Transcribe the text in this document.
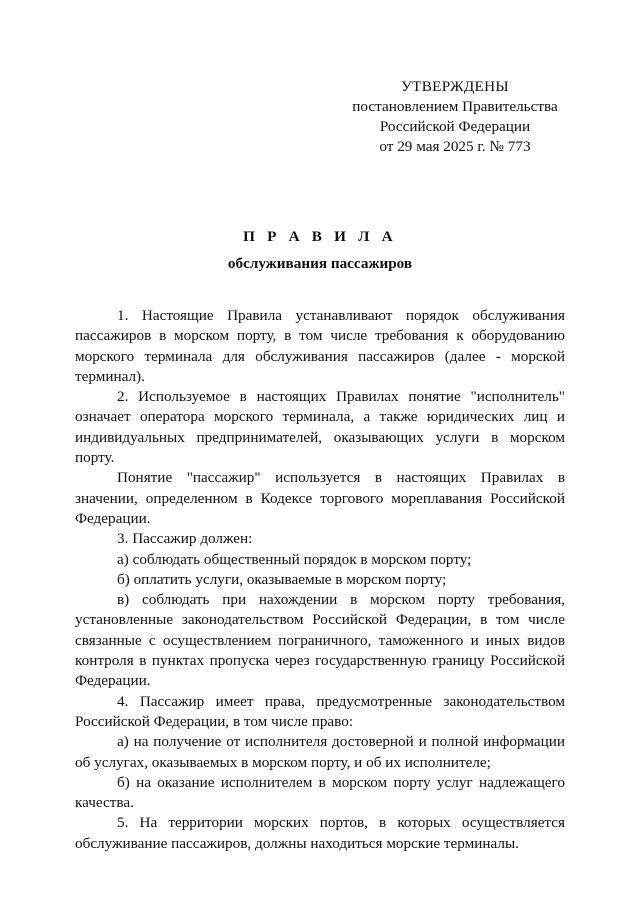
УТВЕРЖДЕНЫ
постановлением Правительства
Российской Федерации
от 29 мая 2025 г. № 773
П Р А В И Л А
обслуживания пассажиров

1. Настоящие Правила устанавливают порядок обслуживания пассажиров в морском порту, в том числе требования к оборудованию морского терминала для обслуживания пассажиров (далее - морской терминал).

2. Используемое в настоящих Правилах понятие "исполнитель" означает оператора морского терминала, а также юридических лиц и индивидуальных предпринимателей, оказывающих услуги в морском порту.

Понятие "пассажир" используется в настоящих Правилах в значении, определенном в Кодексе торгового мореплавания Российской Федерации.

3. Пассажир должен:

а) соблюдать общественный порядок в морском порту;

б) оплатить услуги, оказываемые в морском порту;

в) соблюдать при нахождении в морском порту требования, установленные законодательством Российской Федерации, в том числе связанные с осуществлением пограничного, таможенного и иных видов контроля в пунктах пропуска через государственную границу Российской Федерации.

4. Пассажир имеет права, предусмотренные законодательством Российской Федерации, в том числе право:

а) на получение от исполнителя достоверной и полной информации об услугах, оказываемых в морском порту, и об их исполнителе;

б) на оказание исполнителем в морском порту услуг надлежащего качества.

5. На территории морских портов, в которых осуществляется обслуживание пассажиров, должны находиться морские терминалы.
